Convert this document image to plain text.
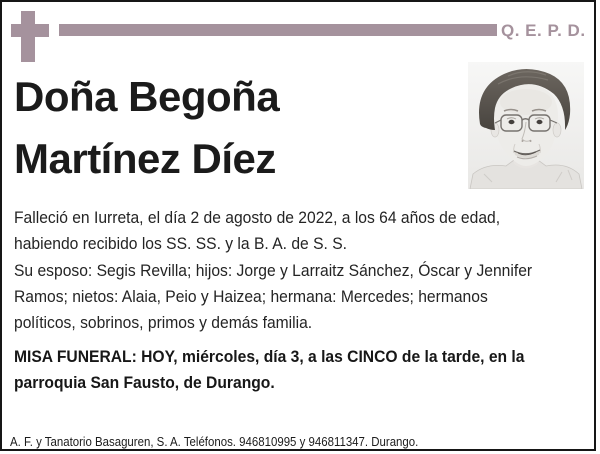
Q. E. P. D.
Doña Begoña
Martínez Díez
Falleció en Iurreta, el día 2 de agosto de 2022, a los 64 años de edad,
habiendo recibido los SS. SS. y la B. A. de S. S.
Su esposo: Segis Revilla; hijos: Jorge y Larraitz Sánchez, Óscar y Jennifer
Ramos; nietos: Alaia, Peio y Haizea; hermana: Mercedes; hermanos
políticos, sobrinos, primos y demás familia.
MISA FUNERAL: HOY, miércoles, día 3, a las CINCO de la tarde, en la
parroquia San Fausto, de Durango.
A. F. y Tanatorio Basaguren, S. A. Teléfonos. 946810995 y 946811347. Durango.
